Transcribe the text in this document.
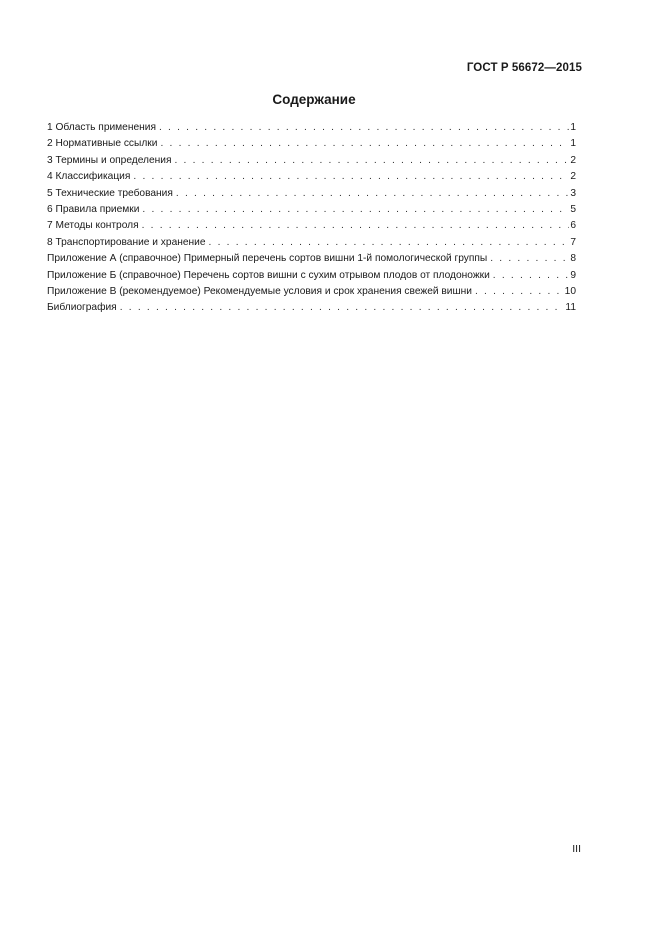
ГОСТ Р 56672—2015
Содержание
1 Область применения . . .	1
2 Нормативные ссылки . . .	1
3 Термины и определения . . .	2
4 Классификация . . .	2
5 Технические требования . . .	3
6 Правила приемки . . .	5
7 Методы контроля . . .	6
8 Транспортирование и хранение . . .	7
Приложение А (справочное) Примерный перечень сортов вишни 1-й помологической группы . . .	8
Приложение Б (справочное) Перечень сортов вишни с сухим отрывом плодов от плодоножки . . .	9
Приложение В (рекомендуемое) Рекомендуемые условия и срок хранения свежей вишни . . .	10
Библиография . . .	11
III
